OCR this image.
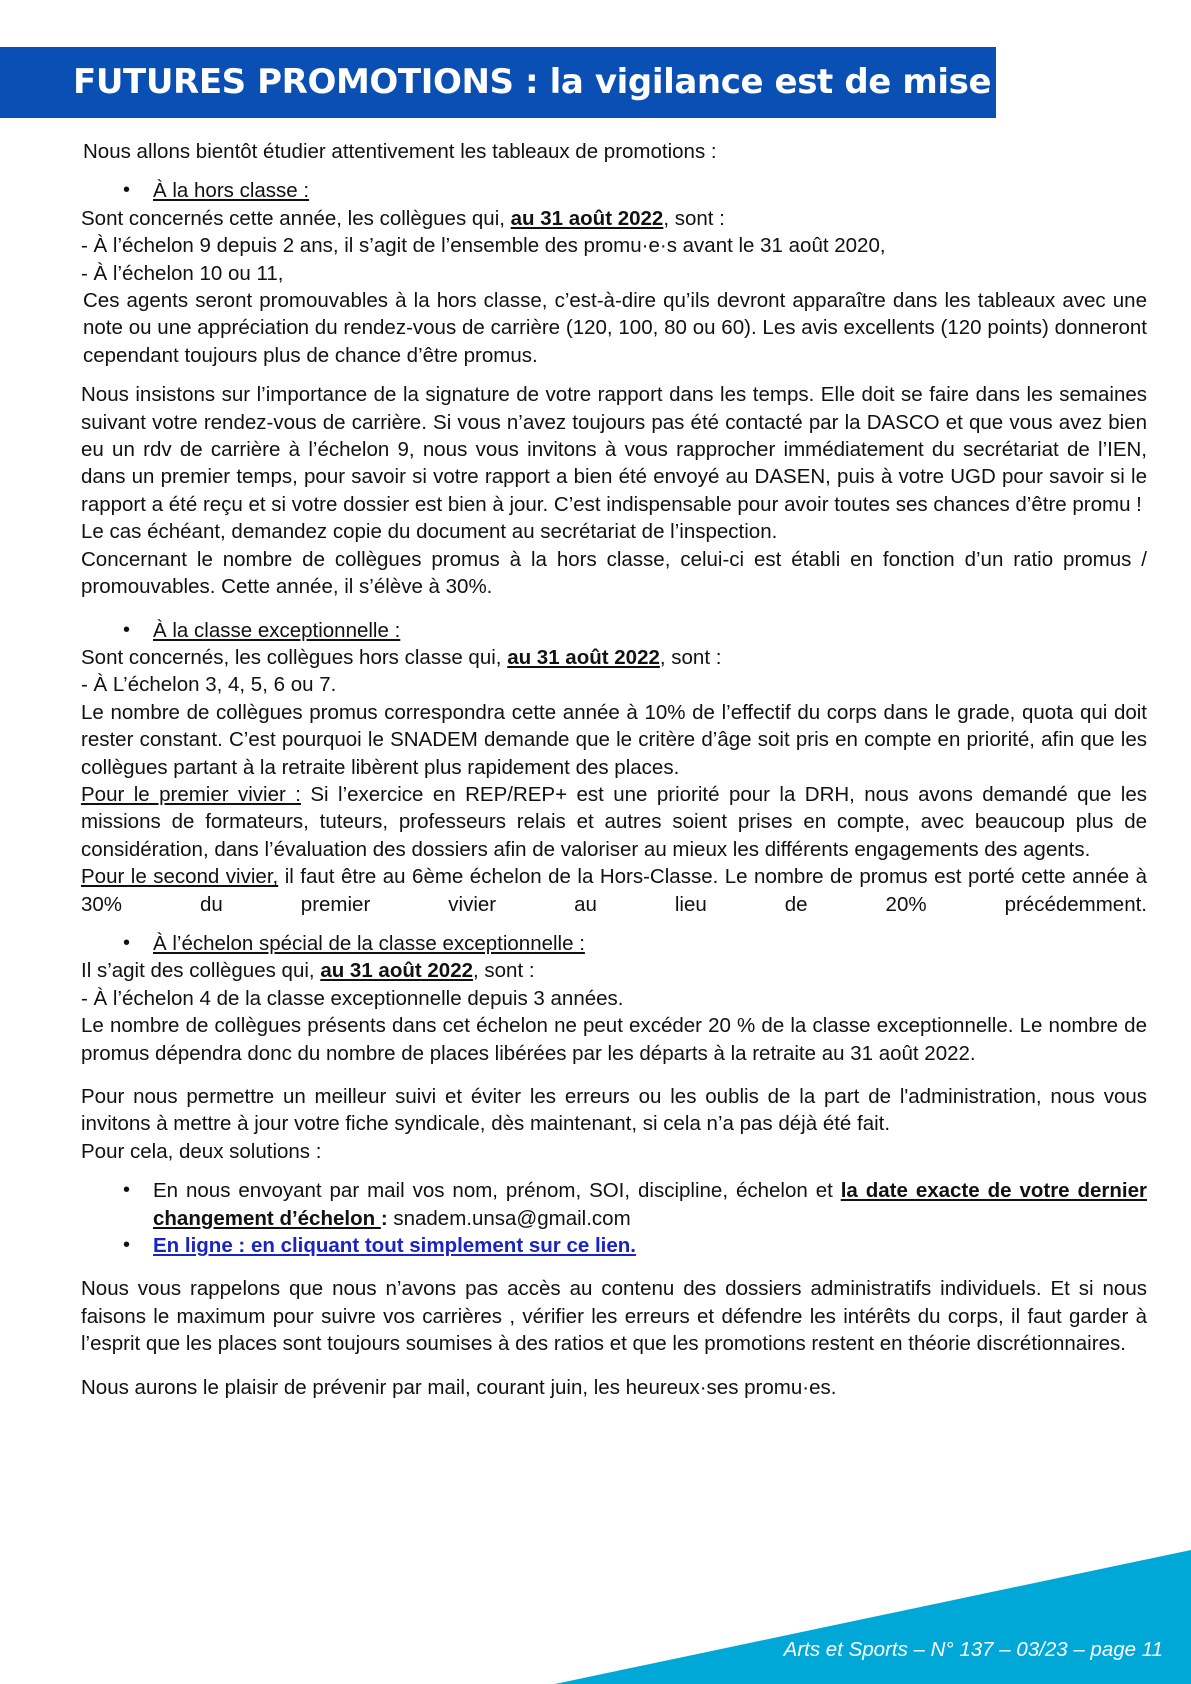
FUTURES PROMOTIONS : la vigilance est de mise

Nous allons bientôt étudier attentivement les tableaux de promotions :

•	À la hors classe :

Sont concernés cette année, les collègues qui, au 31 août 2022, sont :

- À l’échelon 9 depuis 2 ans, il s’agit de l’ensemble des promu·e·s avant le 31 août 2020,

- À l’échelon 10 ou 11,

Ces agents seront promouvables à la hors classe, c’est-à-dire qu’ils devront apparaître dans les tableaux avec une note ou une appréciation du rendez-vous de carrière (120, 100, 80 ou 60). Les avis excellents (120 points) donneront cependant toujours plus de chance d’être promus.

Nous insistons sur l’importance de la signature de votre rapport dans les temps. Elle doit se faire dans les semaines suivant votre rendez-vous de carrière. Si vous n’avez toujours pas été contacté par la DASCO et que vous avez bien eu un rdv de carrière à l’échelon 9, nous vous invitons à vous rapprocher immédiatement du secrétariat de l’IEN, dans un premier temps, pour savoir si votre rapport a bien été envoyé au DASEN, puis à votre UGD pour savoir si le rapport a été reçu et si votre dossier est bien à jour. C’est indispensable pour avoir toutes ses chances d’être promu !

Le cas échéant, demandez copie du document au secrétariat de l’inspection.

Concernant le nombre de collègues promus à la hors classe, celui-ci est établi en fonction d’un ratio promus / promouvables. Cette année, il s’élève à 30%.

•	À la classe exceptionnelle :

Sont concernés, les collègues hors classe qui, au 31 août 2022, sont :

- À L’échelon 3, 4, 5, 6 ou 7.

Le nombre de collègues promus correspondra cette année à 10% de l’effectif du corps dans le grade, quota qui doit rester constant. C’est pourquoi le SNADEM demande que le critère d’âge soit pris en compte en priorité, afin que les collègues partant à la retraite libèrent plus rapidement des places.

Pour le premier vivier : Si l’exercice en REP/REP+ est une priorité pour la DRH, nous avons demandé que les missions de formateurs, tuteurs, professeurs relais et autres soient prises en compte, avec beaucoup plus de considération, dans l’évaluation des dossiers afin de valoriser au mieux les différents engagements des agents.

Pour le second vivier, il faut être au 6ème échelon de la Hors-Classe. Le nombre de promus est porté cette année à 30% du premier vivier au lieu de 20% précédemment.

•	À l’échelon spécial de la classe exceptionnelle :

Il s’agit des collègues qui, au 31 août 2022, sont :

- À l’échelon 4 de la classe exceptionnelle depuis 3 années.

Le nombre de collègues présents dans cet échelon ne peut excéder 20 % de la classe exceptionnelle. Le nombre de promus dépendra donc du nombre de places libérées par les départs à la retraite au 31 août 2022.

Pour nous permettre un meilleur suivi et éviter les erreurs ou les oublis de la part de l'administration, nous vous invitons à mettre à jour votre fiche syndicale, dès maintenant, si cela n’a pas déjà été fait.

Pour cela, deux solutions :

•	En nous envoyant par mail vos nom, prénom, SOI, discipline, échelon et la date exacte de votre dernier changement d’échelon : snadem.unsa@gmail.com
•	En ligne : en cliquant tout simplement sur ce lien.

Nous vous rappelons que nous n’avons pas accès au contenu des dossiers administratifs individuels. Et si nous faisons le maximum pour suivre vos carrières , vérifier les erreurs et défendre les intérêts du corps, il faut garder à l’esprit que les places sont toujours soumises à des ratios et que les promotions restent en théorie discrétionnaires.

Nous aurons le plaisir de prévenir par mail, courant juin, les heureux·ses promu·es.

Arts et Sports – N° 137 – 03/23 – page 11
